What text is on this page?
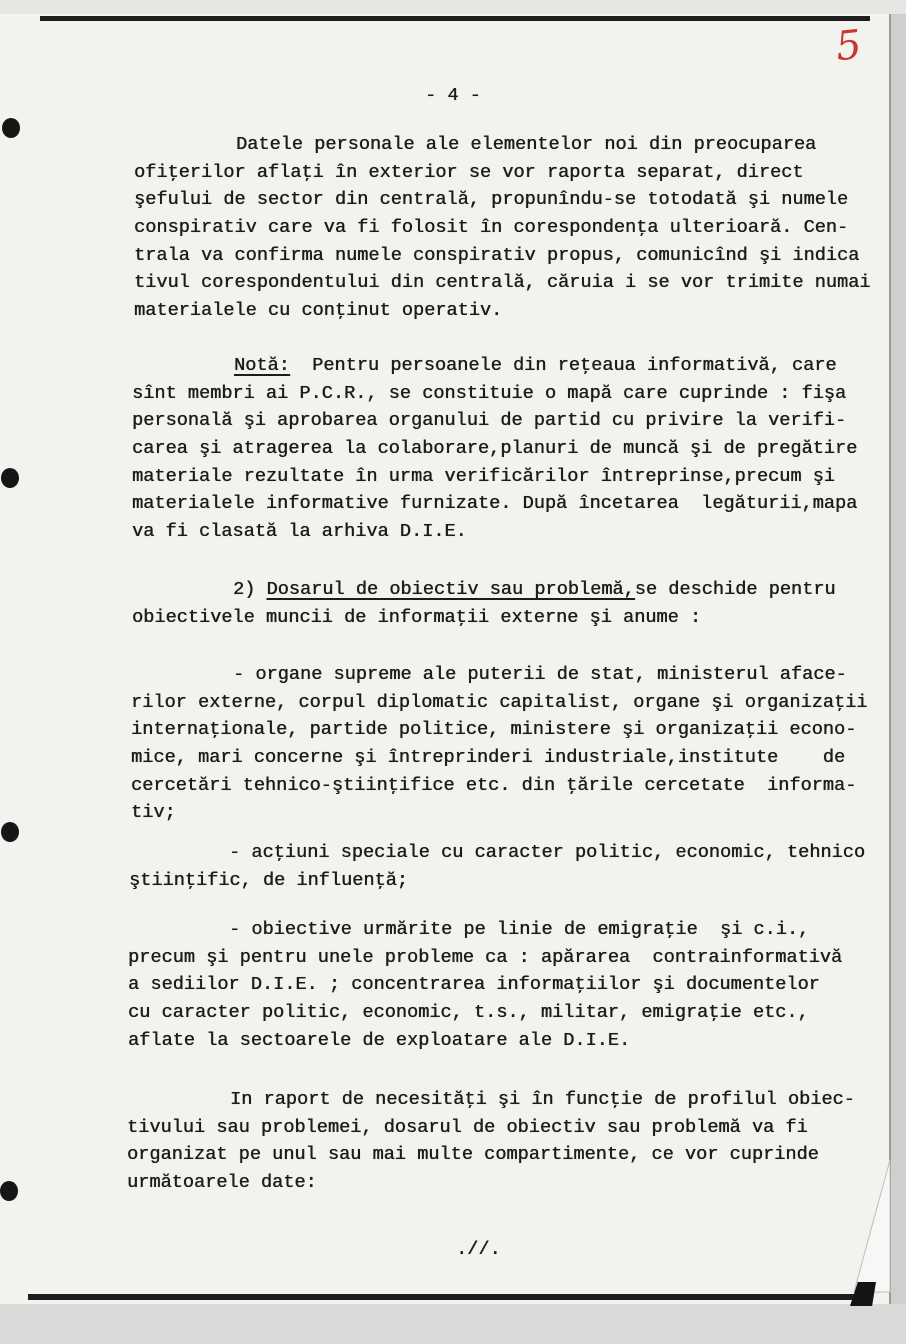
5
- 4 -
Datele personale ale elementelor noi din preocuparea
ofiţerilor aflaţi în exterior se vor raporta separat, direct
şefului de sector din centrală, propunîndu-se totodată şi numele
conspirativ care va fi folosit în corespondenţa ulterioară. Cen-
trala va confirma numele conspirativ propus, comunicînd şi indica
tivul corespondentului din centrală, căruia i se vor trimite numai
materialele cu conţinut operativ.
Notă:  Pentru persoanele din reţeaua informativă, care
sînt membri ai P.C.R., se constituie o mapă care cuprinde : fişa
personală şi aprobarea organului de partid cu privire la verifi-
carea şi atragerea la colaborare,planuri de muncă şi de pregătire
materiale rezultate în urma verificărilor întreprinse,precum şi
materialele informative furnizate. După încetarea  legăturii,mapa
va fi clasată la arhiva D.I.E.
2) Dosarul de obiectiv sau problemă,se deschide pentru
obiectivele muncii de informaţii externe şi anume :
- organe supreme ale puterii de stat, ministerul aface-
rilor externe, corpul diplomatic capitalist, organe şi organizaţii
internaţionale, partide politice, ministere şi organizaţii econo-
mice, mari concerne şi întreprinderi industriale,institute    de
cercetări tehnico-ştiinţifice etc. din ţările cercetate  informa-
tiv;
- acţiuni speciale cu caracter politic, economic, tehnico
ştiinţific, de influenţă;
- obiective urmărite pe linie de emigraţie  şi c.i.,
precum şi pentru unele probleme ca : apărarea  contrainformativă
a sediilor D.I.E. ; concentrarea informaţiilor şi documentelor
cu caracter politic, economic, t.s., militar, emigraţie etc.,
aflate la sectoarele de exploatare ale D.I.E.
In raport de necesităţi şi în funcţie de profilul obiec-
tivului sau problemei, dosarul de obiectiv sau problemă va fi
organizat pe unul sau mai multe compartimente, ce vor cuprinde
următoarele date:
.//.
